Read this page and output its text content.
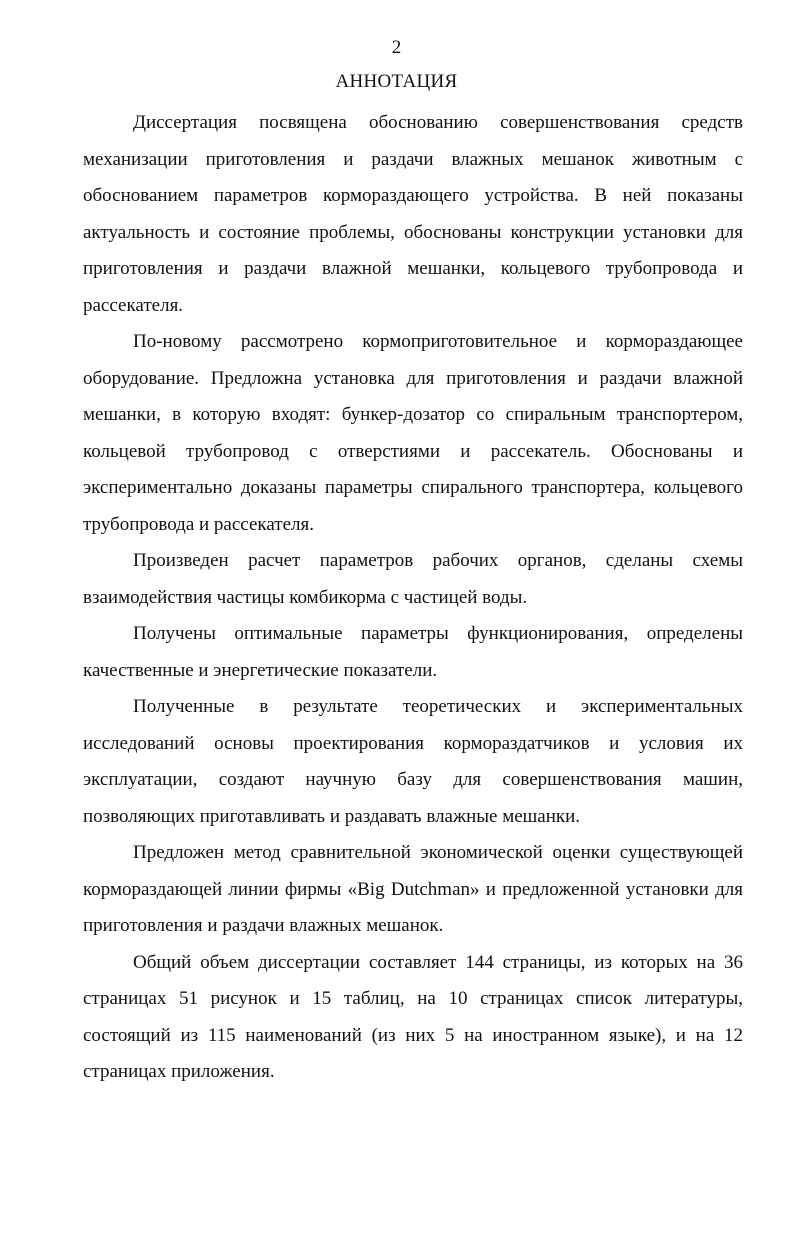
2
АННОТАЦИЯ

Диссертация посвящена обоснованию совершенствования средств механизации приготовления и раздачи влажных мешанок животным с обоснованием параметров кормораздающего устройства. В ней показаны актуальность и состояние проблемы, обоснованы конструкции установки для приготовления и раздачи влажной мешанки, кольцевого трубопровода и рассекателя.

По-новому рассмотрено кормоприготовительное и кормораздающее оборудование. Предложна установка для приготовления и раздачи влажной мешанки, в которую входят: бункер-дозатор со спиральным транспортером, кольцевой трубопровод с отверстиями и рассекатель. Обоснованы и экспериментально доказаны параметры спирального транспортера, кольцевого трубопровода и рассекателя.

Произведен расчет параметров рабочих органов, сделаны схемы взаимодействия частицы комбикорма с частицей воды.

Получены оптимальные параметры функционирования, определены качественные и энергетические показатели.

Полученные в результате теоретических и экспериментальных исследований основы проектирования кормораздатчиков и условия их эксплуатации, создают научную базу для совершенствования машин, позволяющих приготавливать и раздавать влажные мешанки.

Предложен метод сравнительной экономической оценки существующей кормораздающей линии фирмы «Big Dutchman» и предложенной установки для приготовления и раздачи влажных мешанок.

Общий объем диссертации составляет 144 страницы, из которых на 36 страницах 51 рисунок и 15 таблиц, на 10 страницах список литературы, состоящий из 115 наименований (из них 5 на иностранном языке), и на 12 страницах приложения.
